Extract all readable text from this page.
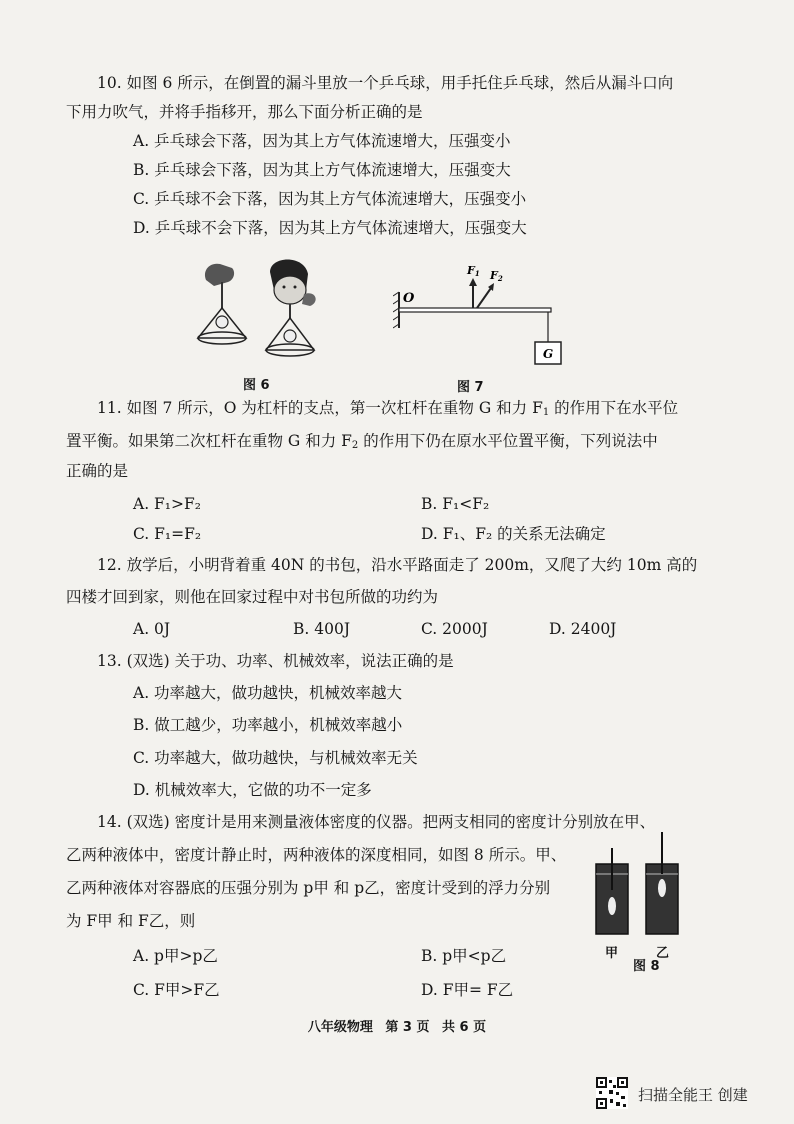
10. 如图 6 所示，在倒置的漏斗里放一个乒乓球，用手托住乒乓球，然后从漏斗口向
下用力吹气，并将手指移开，那么下面分析正确的是
A. 乒乓球会下落，因为其上方气体流速增大，压强变小
B. 乒乓球会下落，因为其上方气体流速增大，压强变大
C. 乒乓球不会下落，因为其上方气体流速增大，压强变小
D. 乒乓球不会下落，因为其上方气体流速增大，压强变大
图 6
O
F1 F2
G
图 7
11. 如图 7 所示，O 为杠杆的支点，第一次杠杆在重物 G 和力 $F_1$ 的作用下在水平位
置平衡。如果第二次杠杆在重物 G 和力 $F_2$ 的作用下仍在原水平位置平衡，下列说法中
正确的是
A. F₁>F₂	B. F₁<F₂
C. F₁=F₂	D. F₁、F₂ 的关系无法确定
12. 放学后，小明背着重 40N 的书包，沿水平路面走了 200m，又爬了大约 10m 高的
四楼才回到家，则他在回家过程中对书包所做的功约为
A. 0J	B. 400J	C. 2000J	D. 2400J
13. (双选) 关于功、功率、机械效率，说法正确的是
A. 功率越大，做功越快，机械效率越大
B. 做工越少，功率越小，机械效率越小
C. 功率越大，做功越快，与机械效率无关
D. 机械效率大，它做的功不一定多
14. (双选) 密度计是用来测量液体密度的仪器。把两支相同的密度计分别放在甲、
乙两种液体中，密度计静止时，两种液体的深度相同，如图 8 所示。甲、
乙两种液体对容器底的压强分别为 p甲 和 p乙，密度计受到的浮力分别
为 F甲 和 F乙，则
A. p甲>p乙	B. p甲<p乙
C. F甲>F乙	D. F甲= F乙
甲	乙
图 8
八年级物理 第 3 页 共 6 页
扫描全能王 创建
